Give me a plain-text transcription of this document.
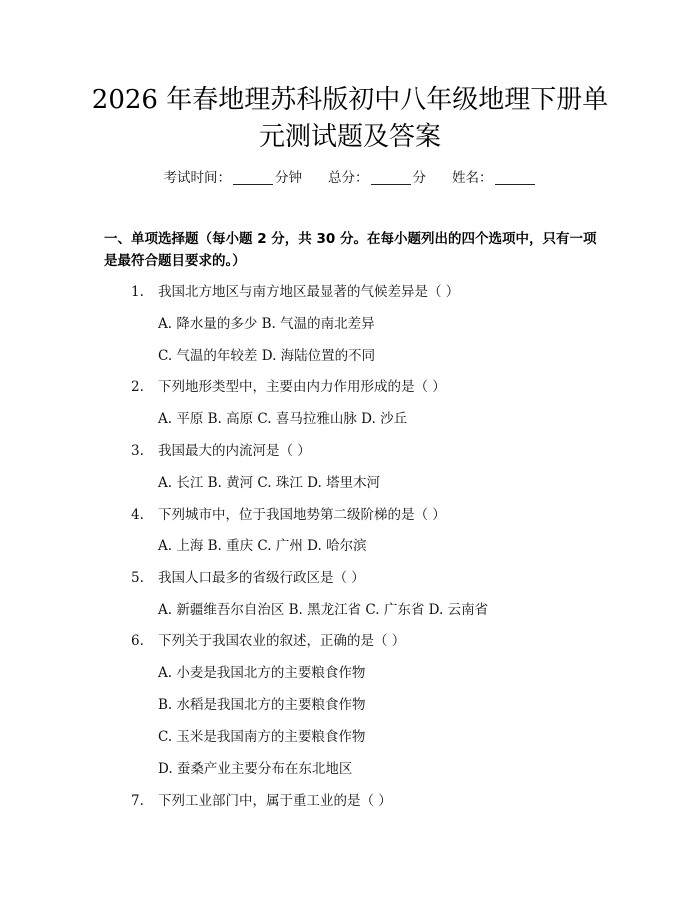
2026 年春地理苏科版初中八年级地理下册单
元测试题及答案
考试时间：	分钟 总分：	分 姓名：
一、单项选择题（每小题 2 分，共 30 分。在每小题列出的四个选项中，只有一项
是最符合题目要求的。）
1. 我国北方地区与南方地区最显著的气候差异是（ ）
A. 降水量的多少 B. 气温的南北差异
C. 气温的年较差 D. 海陆位置的不同
2. 下列地形类型中，主要由内力作用形成的是（ ）
A. 平原 B. 高原 C. 喜马拉雅山脉 D. 沙丘
3. 我国最大的内流河是（ ）
A. 长江 B. 黄河 C. 珠江 D. 塔里木河
4. 下列城市中，位于我国地势第二级阶梯的是（ ）
A. 上海 B. 重庆 C. 广州 D. 哈尔滨
5. 我国人口最多的省级行政区是（ ）
A. 新疆维吾尔自治区 B. 黑龙江省 C. 广东省 D. 云南省
6. 下列关于我国农业的叙述，正确的是（ ）
A. 小麦是我国北方的主要粮食作物
B. 水稻是我国北方的主要粮食作物
C. 玉米是我国南方的主要粮食作物
D. 蚕桑产业主要分布在东北地区
7. 下列工业部门中，属于重工业的是（ ）
